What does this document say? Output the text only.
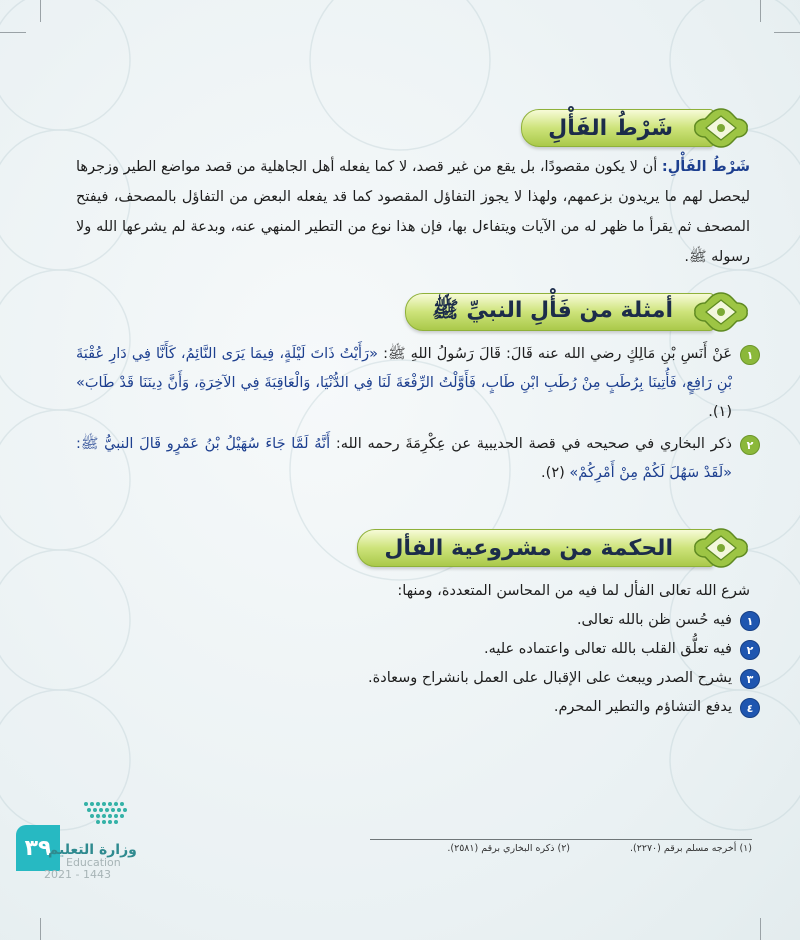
شَرْطُ الفَأْلِ
شَرْطُ الفَأْلِ: أن لا يكون مقصودًا، بل يقع من غير قصد، لا كما يفعله أهل الجاهلية من قصد مواضع الطير وزجرها ليحصل لهم ما يريدون بزعمهم، ولهذا لا يجوز التفاؤل المقصود كما قد يفعله البعض من التفاؤل بالمصحف، فيفتح المصحف ثم يقرأ ما ظهر له من الآيات ويتفاءل بها، فإن هذا نوع من التطير المنهي عنه، وبدعة لم يشرعها الله ولا رسوله ﷺ.
أمثلة من فَأْلِ النبيِّ ﷺ
١
عَنْ أَنَسِ بْنِ مَالِكٍ رضي الله عنه قَالَ: قَالَ رَسُولُ اللهِ ﷺ: «رَأَيْتُ ذَاتَ لَيْلَةٍ، فِيمَا يَرَى النَّائِمُ، كَأَنَّا فِي دَارِ عُقْبَةَ بْنِ رَافِعٍ، فَأُتِينَا بِرُطَبٍ مِنْ رُطَبِ ابْنِ طَابٍ، فَأَوَّلْتُ الرِّفْعَةَ لَنَا فِي الدُّنْيَا، وَالْعَاقِبَةَ فِي الآخِرَةِ، وَأَنَّ دِينَنَا قَدْ طَابَ» (١).
٢
ذكر البخاري في صحيحه في قصة الحديبية عن عِكْرِمَةَ رحمه الله: أَنَّهُ لَمَّا جَاءَ سُهَيْلُ بْنُ عَمْرٍو قَالَ النبيُّ ﷺ: «لَقَدْ سَهُلَ لَكُمْ مِنْ أَمْرِكُمْ» (٢).
الحكمة من مشروعية الفأل
شرع الله تعالى الفأل لما فيه من المحاسن المتعددة، ومنها:
١
فيه حُسن ظن بالله تعالى.
٢
فيه تعلُّق القلب بالله تعالى واعتماده عليه.
٣
يشرح الصدر ويبعث على الإقبال على العمل بانشراح وسعادة.
٤
يدفع التشاؤم والتطير المحرم.
(١) أخرجه مسلم برقم (٢٢٧٠).
(٢) ذكره البخاري برقم (٢٥٨١).
٣٩
وزارة التعليم
Education
2021 - 1443
